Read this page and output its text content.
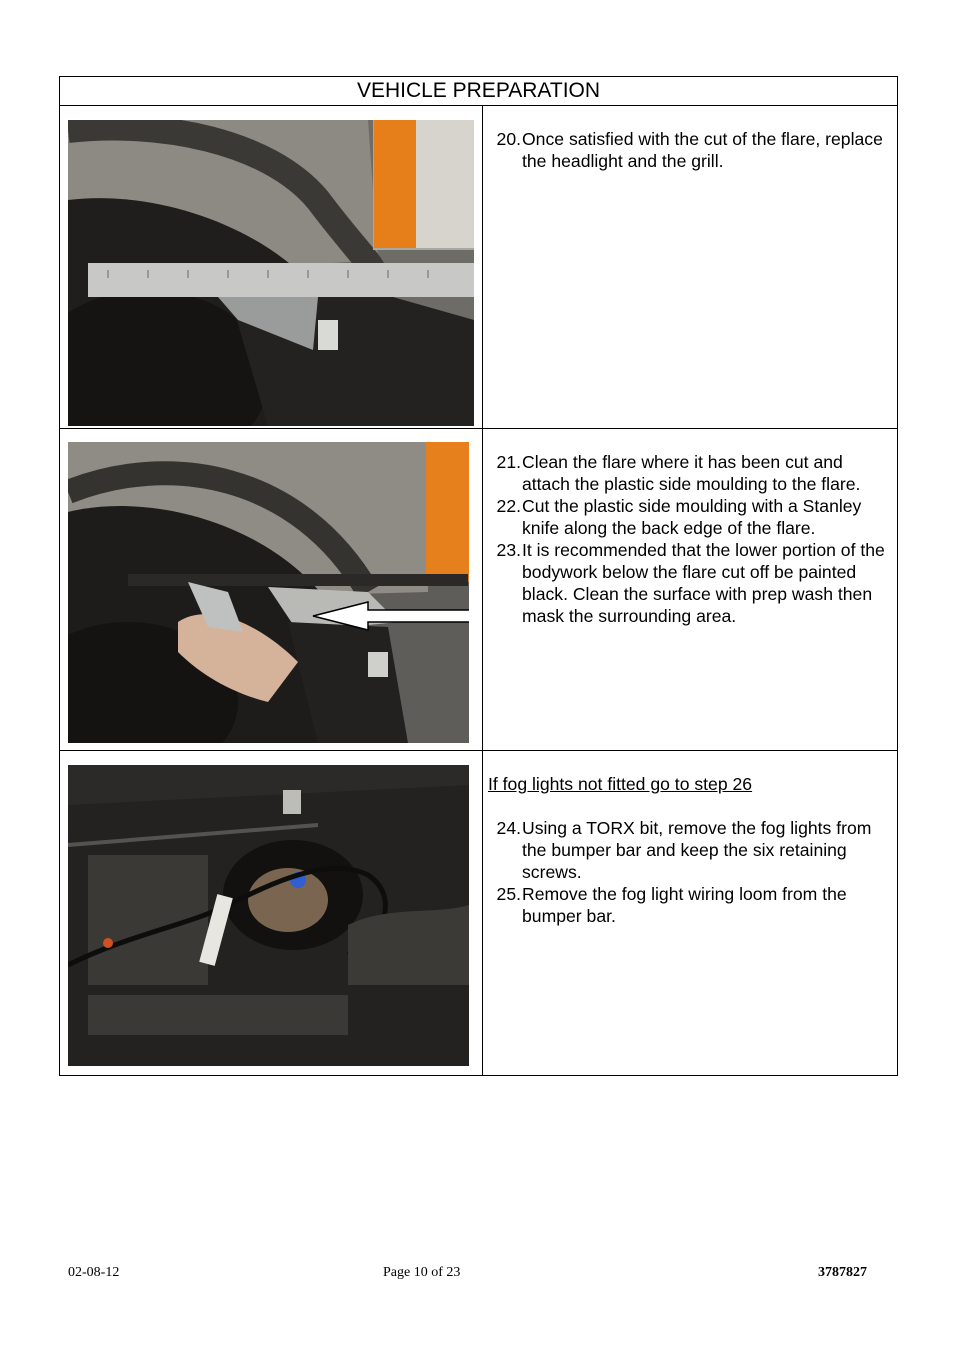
VEHICLE PREPARATION
20. Once satisfied with the cut of the flare, replace the headlight and the grill.
21. Clean the flare where it has been cut and attach the plastic side moulding to the flare.
22. Cut the plastic side moulding with a Stanley knife along the back edge of the flare.
23. It is recommended that the lower portion of the bodywork below the flare cut off be painted black. Clean the surface with prep wash then mask the surrounding area.
If fog lights not fitted go to step 26
24. Using a TORX bit, remove the fog lights from the bumper bar and keep the six retaining screws.
25. Remove the fog light wiring loom from the bumper bar.
02-08-12	Page 10 of 23	3787827
